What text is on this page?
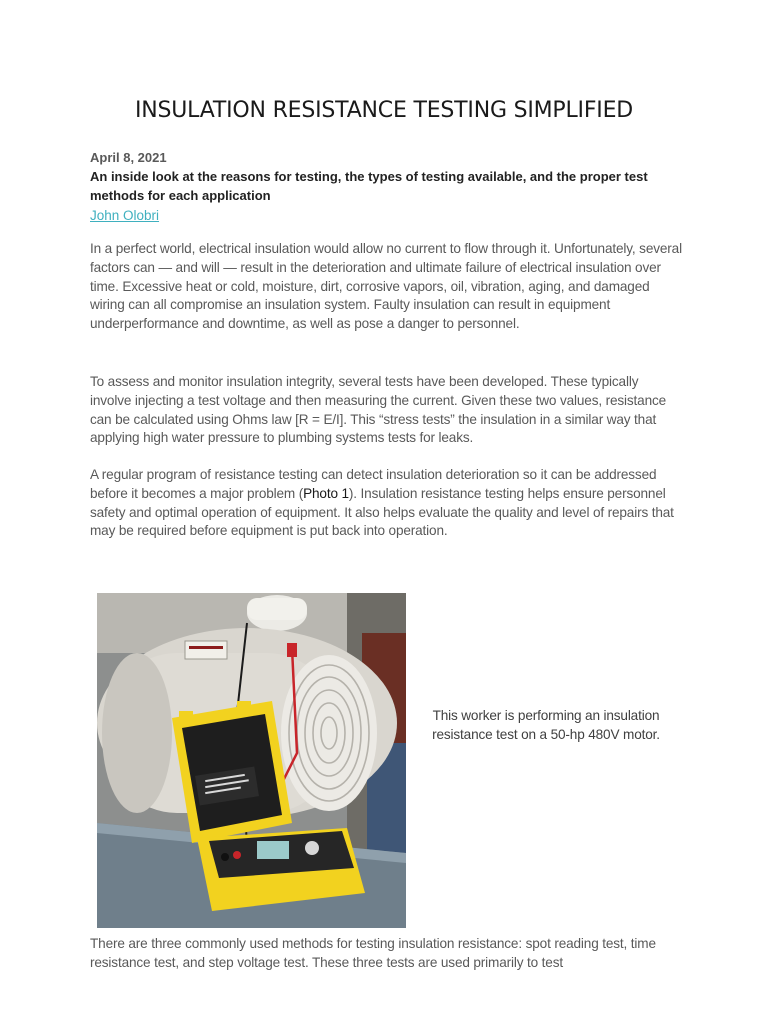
INSULATION RESISTANCE TESTING SIMPLIFIED

April 8, 2021

An inside look at the reasons for testing, the types of testing available, and the proper test methods for each application

John Olobri

In a perfect world, electrical insulation would allow no current to flow through it. Unfortunately, several factors can — and will — result in the deterioration and ultimate failure of electrical insulation over time. Excessive heat or cold, moisture, dirt, corrosive vapors, oil, vibration, aging, and damaged wiring can all compromise an insulation system. Faulty insulation can result in equipment underperformance and downtime, as well as pose a danger to personnel.

To assess and monitor insulation integrity, several tests have been developed. These typically involve injecting a test voltage and then measuring the current. Given these two values, resistance can be calculated using Ohms law [R = E/I]. This “stress tests” the insulation in a similar way that applying high water pressure to plumbing systems tests for leaks.

A regular program of resistance testing can detect insulation deterioration so it can be addressed before it becomes a major problem (Photo 1). Insulation resistance testing helps ensure personnel safety and optimal operation of equipment. It also helps evaluate the quality and level of repairs that may be required before equipment is put back into operation.

This worker is performing an insulation resistance test on a 50-hp 480V motor.

There are three commonly used methods for testing insulation resistance: spot reading test, time resistance test, and step voltage test. These three tests are used primarily to test
